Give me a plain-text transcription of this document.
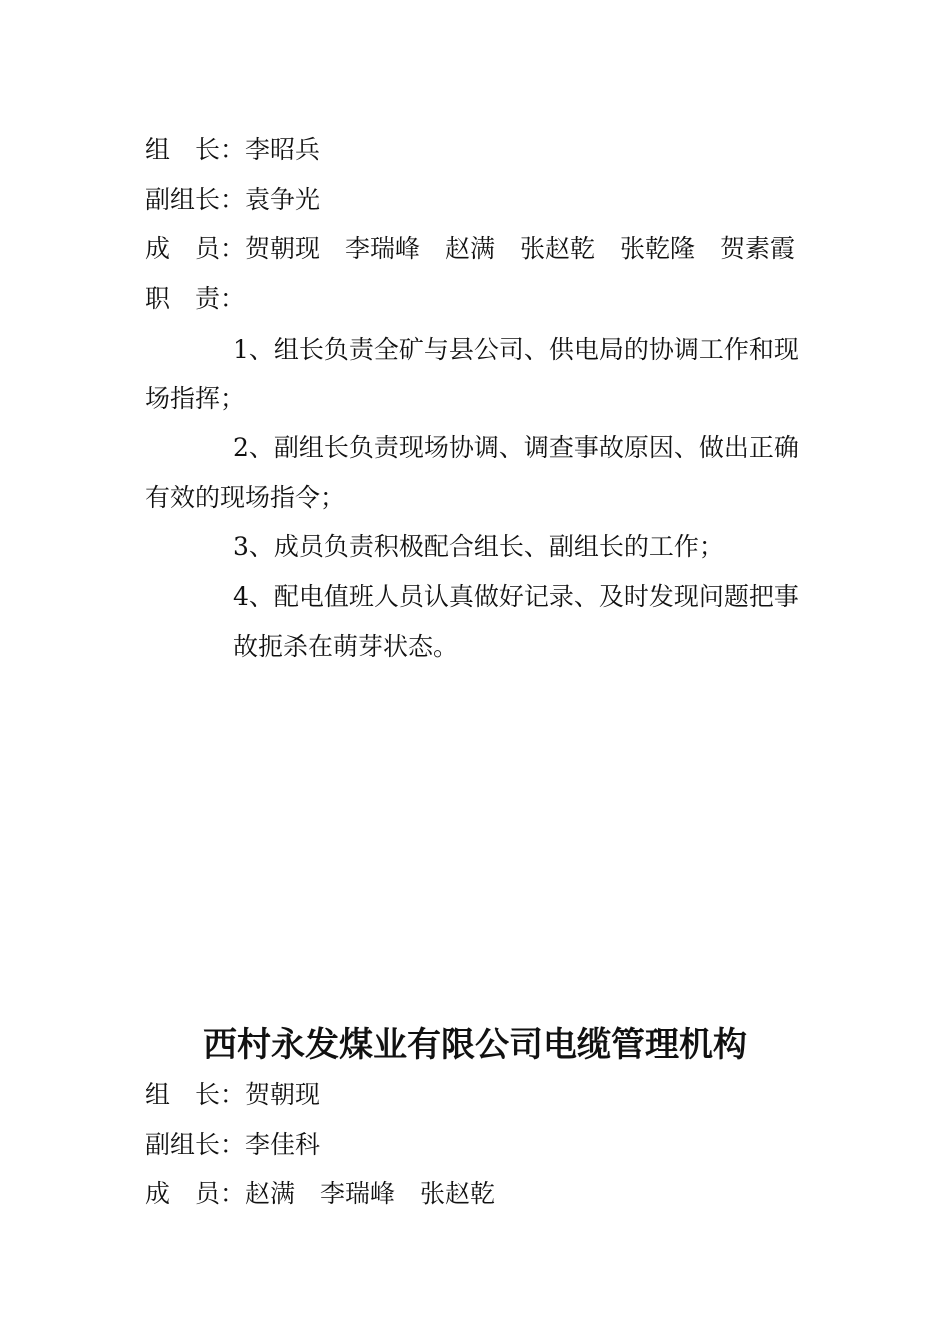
组　长：李昭兵
副组长：袁争光
成　员：贺朝现　李瑞峰　赵满　张赵乾　张乾隆　贺素霞
职　责：
1、组长负责全矿与县公司、供电局的协调工作和现
场指挥；
2、副组长负责现场协调、调查事故原因、做出正确
有效的现场指令；
3、成员负责积极配合组长、副组长的工作；
4、配电值班人员认真做好记录、及时发现问题把事
故扼杀在萌芽状态。
西村永发煤业有限公司电缆管理机构
组　长：贺朝现
副组长：李佳科
成　员：赵满　李瑞峰　张赵乾
